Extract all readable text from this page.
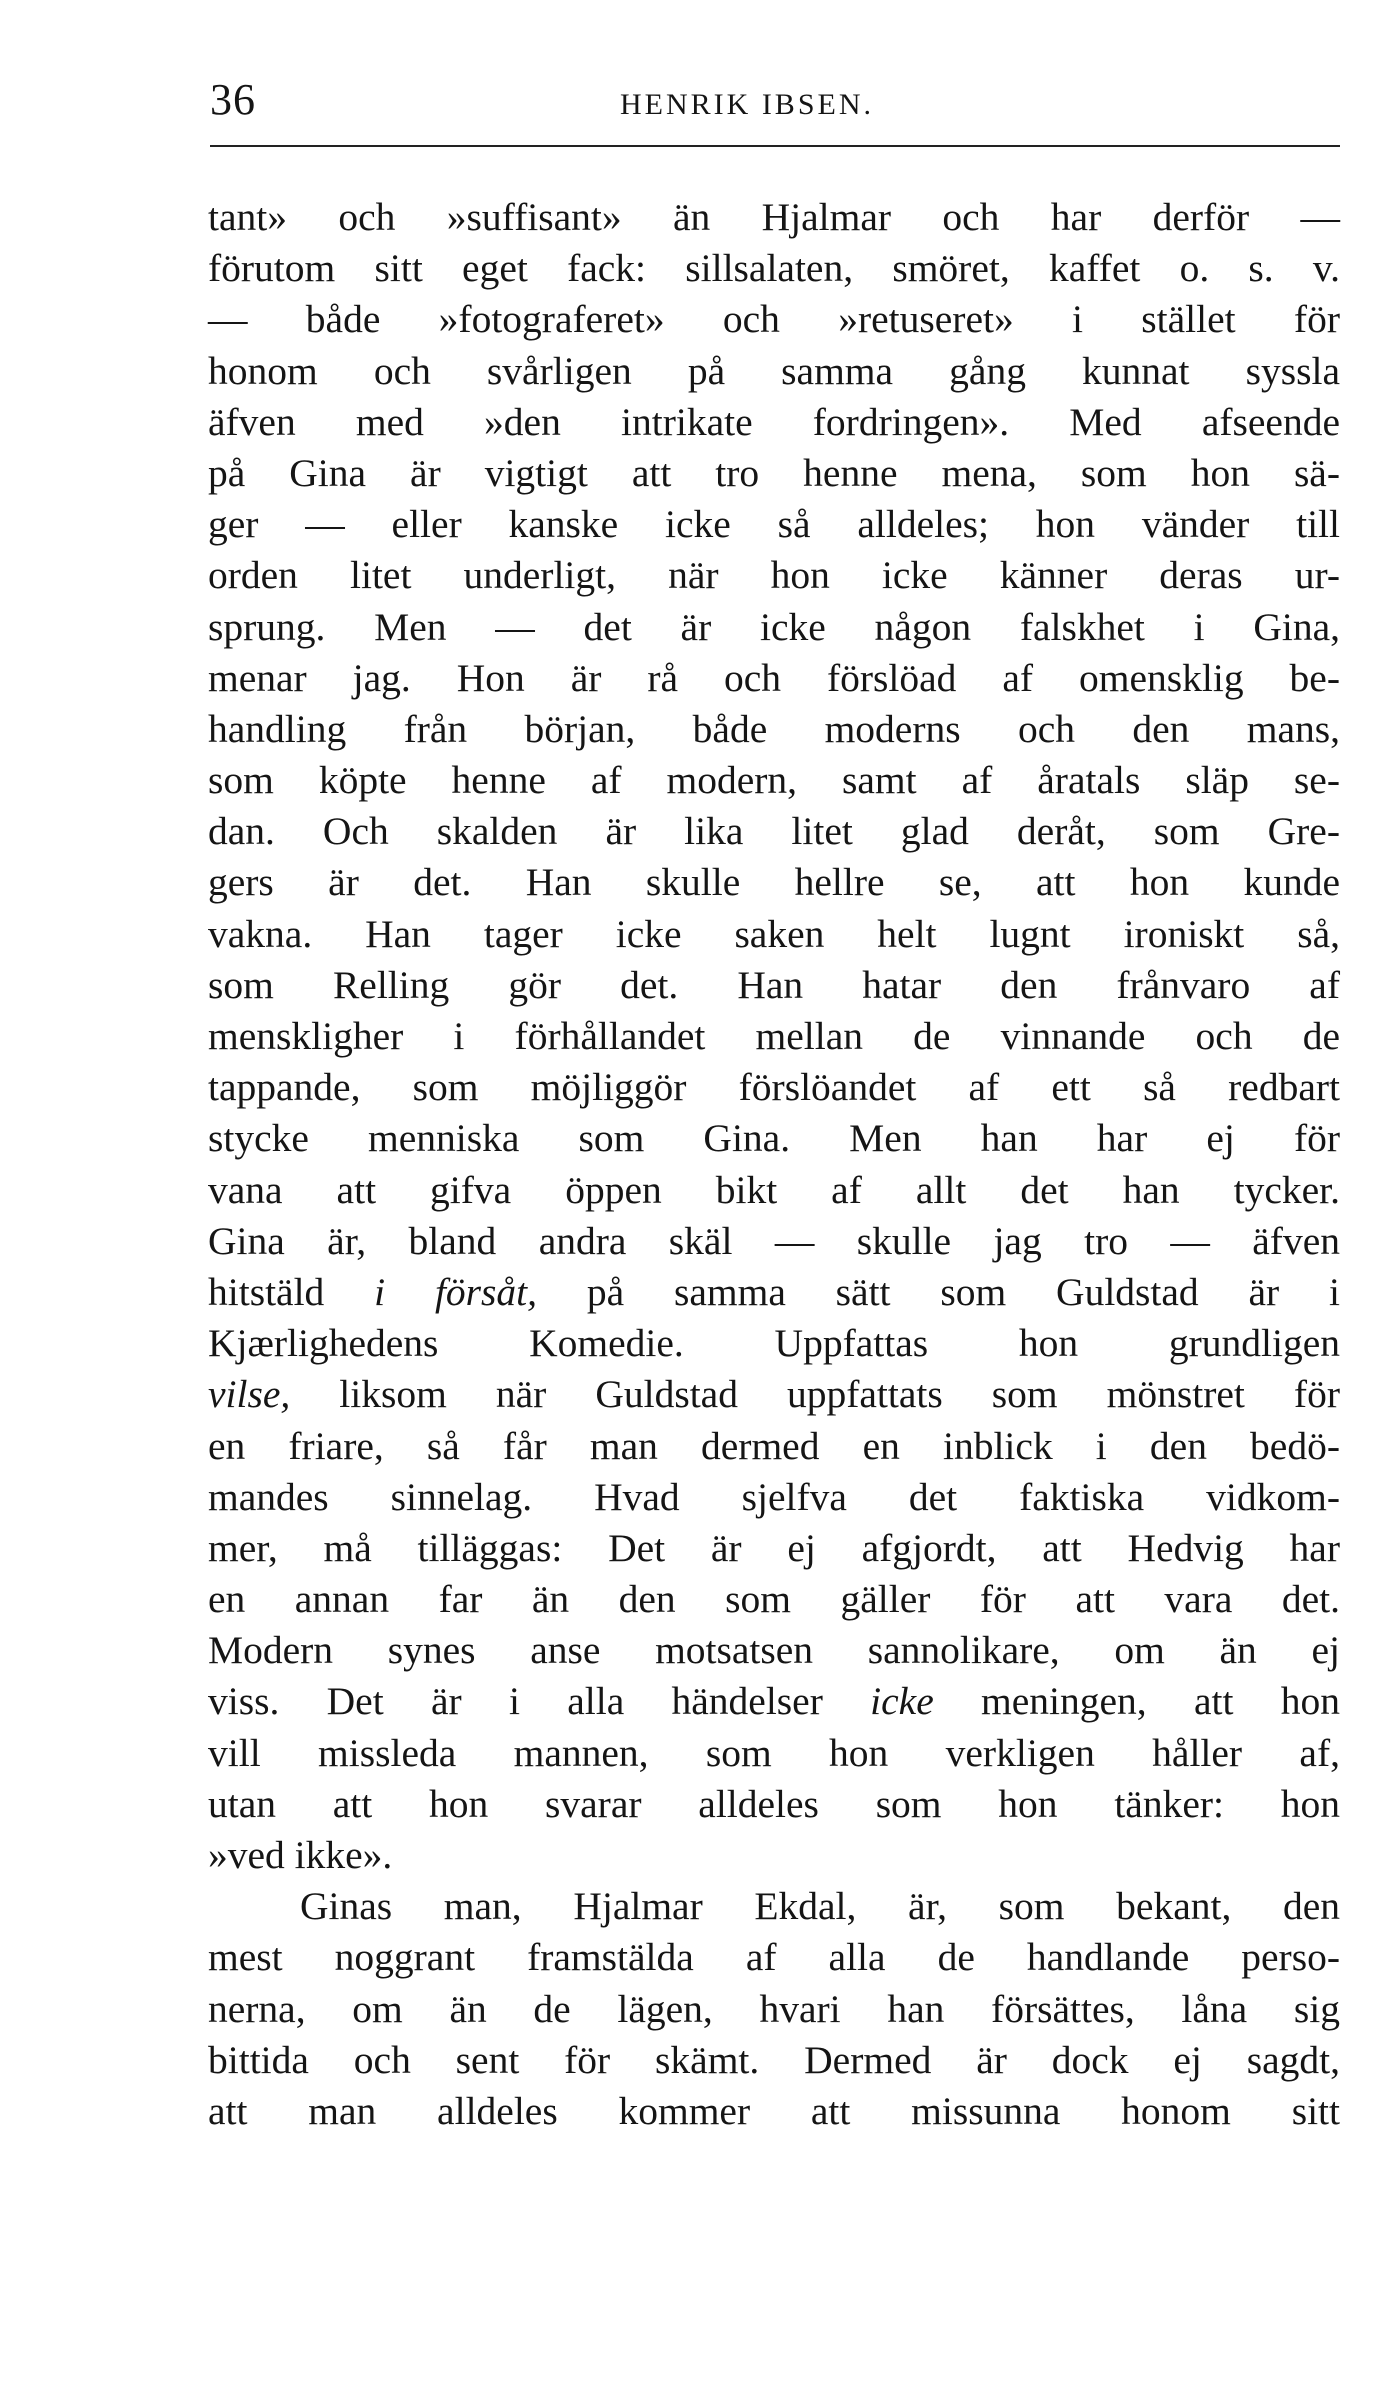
36	HENRIK IBSEN.
tant» och »suffisant» än Hjalmar och har derför —
förutom sitt eget fack: sillsalaten, smöret, kaffet o. s. v.
— både »fotograferet» och »retuseret» i stället för
honom och svårligen på samma gång kunnat syssla
äfven med »den intrikate fordringen». Med afseende
på Gina är vigtigt att tro henne mena, som hon sä-
ger — eller kanske icke så alldeles; hon vänder till
orden litet underligt, när hon icke känner deras ur-
sprung. Men — det är icke någon falskhet i Gina,
menar jag. Hon är rå och förslöad af omensklig be-
handling från början, både moderns och den mans,
som köpte henne af modern, samt af åratals släp se-
dan. Och skalden är lika litet glad deråt, som Gre-
gers är det. Han skulle hellre se, att hon kunde
vakna. Han tager icke saken helt lugnt ironiskt så,
som Relling gör det. Han hatar den frånvaro af
menskligher i förhållandet mellan de vinnande och de
tappande, som möjliggör förslöandet af ett så redbart
stycke menniska som Gina. Men han har ej för
vana att gifva öppen bikt af allt det han tycker.
Gina är, bland andra skäl — skulle jag tro — äfven
hitstäld i försåt, på samma sätt som Guldstad är i
Kjærlighedens Komedie. Uppfattas hon grundligen
vilse, liksom när Guldstad uppfattats som mönstret för
en friare, så får man dermed en inblick i den bedö-
mandes sinnelag. Hvad sjelfva det faktiska vidkom-
mer, må tilläggas: Det är ej afgjordt, att Hedvig har
en annan far än den som gäller för att vara det.
Modern synes anse motsatsen sannolikare, om än ej
viss. Det är i alla händelser icke meningen, att hon
vill missleda mannen, som hon verkligen håller af,
utan att hon svarar alldeles som hon tänker: hon
»ved ikke».
Ginas man, Hjalmar Ekdal, är, som bekant, den
mest noggrant framstälda af alla de handlande perso-
nerna, om än de lägen, hvari han försättes, låna sig
bittida och sent för skämt. Dermed är dock ej sagdt,
att man alldeles kommer att missunna honom sitt
